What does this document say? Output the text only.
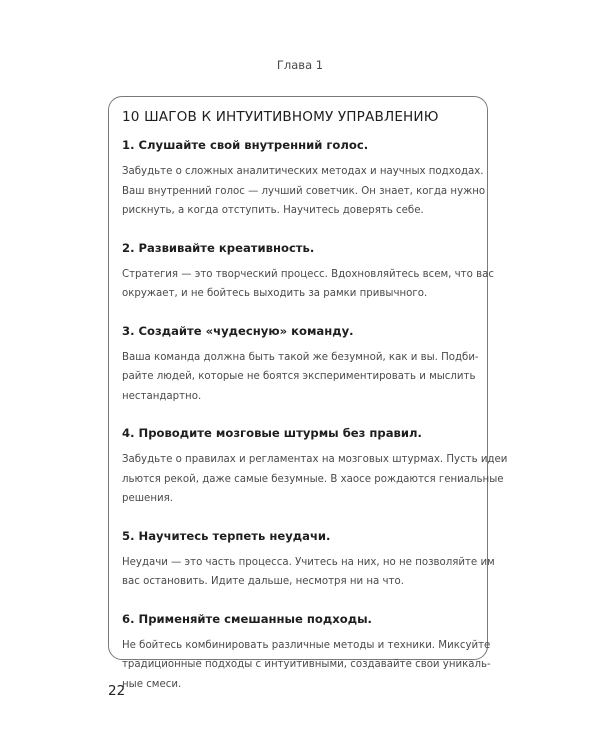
Глава 1
10 ШАГОВ К ИНТУИТИВНОМУ УПРАВЛЕНИЮ
1. Слушайте свой внутренний голос.

Забудьте о сложных аналитических методах и научных подходах.
Ваш внутренний голос — лучший советчик. Он знает, когда нужно
рискнуть, а когда отступить. Научитесь доверять себе.

2. Развивайте креативность.

Стратегия — это творческий процесс. Вдохновляйтесь всем, что вас
окружает, и не бойтесь выходить за рамки привычного.

3. Создайте «чудесную» команду.

Ваша команда должна быть такой же безумной, как и вы. Подби-
райте людей, которые не боятся экспериментировать и мыслить
нестандартно.

4. Проводите мозговые штурмы без правил.

Забудьте о правилах и регламентах на мозговых штурмах. Пусть идеи
льются рекой, даже самые безумные. В хаосе рождаются гениальные
решения.

5. Научитесь терпеть неудачи.

Неудачи — это часть процесса. Учитесь на них, но не позволяйте им
вас остановить. Идите дальше, несмотря ни на что.

6. Применяйте смешанные подходы.

Не бойтесь комбинировать различные методы и техники. Миксуйте
традиционные подходы с интуитивными, создавайте свои уникаль-
ные смеси.

22
